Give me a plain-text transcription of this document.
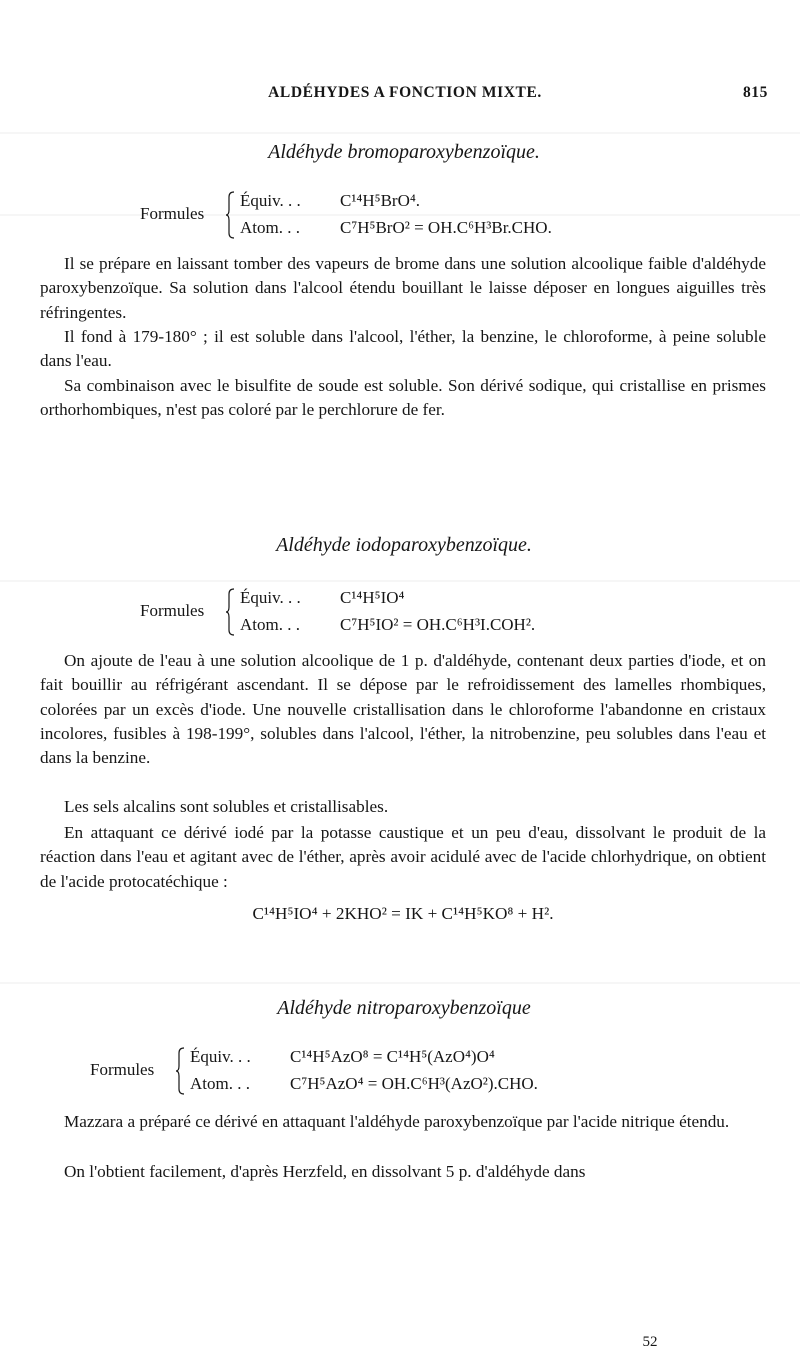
ALDÉHYDES A FONCTION MIXTE.	815
Aldéhyde bromoparoxybenzoïque.
Formules
Équiv. . . C¹⁴H⁵BrO⁴.
Atom. . . C⁷H⁵BrO² = OH.C⁶H³Br.CHO.

Il se prépare en laissant tomber des vapeurs de brome dans une solution alcoolique faible d'aldéhyde paroxybenzoïque. Sa solution dans l'alcool étendu bouillant le laisse déposer en longues aiguilles très réfringentes.

Il fond à 179-180° ; il est soluble dans l'alcool, l'éther, la benzine, le chloroforme, à peine soluble dans l'eau.

Sa combinaison avec le bisulfite de soude est soluble. Son dérivé sodique, qui cristallise en prismes orthorhombiques, n'est pas coloré par le perchlorure de fer.

Aldéhyde iodoparoxybenzoïque.
Formules
Équiv. . . C¹⁴H⁵IO⁴
Atom. . . C⁷H⁵IO² = OH.C⁶H³I.COH².

On ajoute de l'eau à une solution alcoolique de 1 p. d'aldéhyde, contenant deux parties d'iode, et on fait bouillir au réfrigérant ascendant. Il se dépose par le refroidissement des lamelles rhombiques, colorées par un excès d'iode. Une nouvelle cristallisation dans le chloroforme l'abandonne en cristaux incolores, fusibles à 198-199°, solubles dans l'alcool, l'éther, la nitrobenzine, peu solubles dans l'eau et dans la benzine.

Les sels alcalins sont solubles et cristallisables.

En attaquant ce dérivé iodé par la potasse caustique et un peu d'eau, dissolvant le produit de la réaction dans l'eau et agitant avec de l'éther, après avoir acidulé avec de l'acide chlorhydrique, on obtient de l'acide protocatéchique :

C¹⁴H⁵IO⁴ + 2KHO² = IK + C¹⁴H⁵KO⁸ + H².
Aldéhyde nitroparoxybenzoïque
Formules
Équiv. . . C¹⁴H⁵AzO⁸ = C¹⁴H⁵(AzO⁴)O⁴
Atom. . . C⁷H⁵AzO⁴ = OH.C⁶H³(AzO²).CHO.

Mazzara a préparé ce dérivé en attaquant l'aldéhyde paroxybenzoïque par l'acide nitrique étendu.

On l'obtient facilement, d'après Herzfeld, en dissolvant 5 p. d'aldéhyde dans

52
